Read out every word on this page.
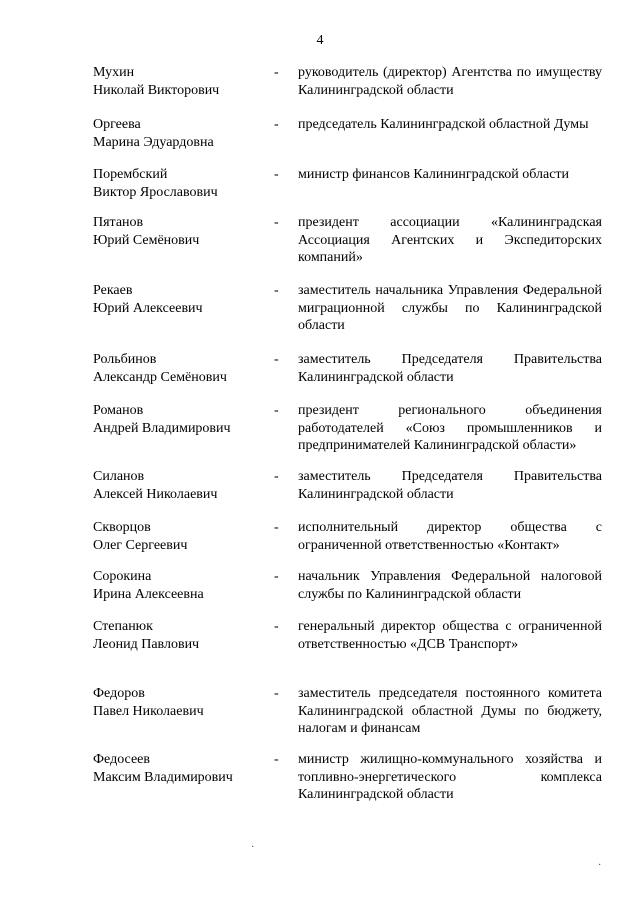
4
Мухин
Николай Викторович
- руководитель (директор) Агентства по имуществу Калининградской области
Оргеева
Марина Эдуардовна
- председатель Калининградской областной Думы
Порембский
Виктор Ярославович
- министр финансов Калининградской области
Пятанов
Юрий Семёнович
- президент ассоциации «Калининградская Ассоциация Агентских и Экспедиторских компаний»
Рекаев
Юрий Алексеевич
- заместитель начальника Управления Федеральной миграционной службы по Калининградской области
Рольбинов
Александр Семёнович
- заместитель Председателя Правительства Калининградской области
Романов
Андрей Владимирович
- президент регионального объединения работодателей «Союз промышленников и предпринимателей Калининградской области»
Силанов
Алексей Николаевич
- заместитель Председателя Правительства Калининградской области
Скворцов
Олег Сергеевич
- исполнительный директор общества с ограниченной ответственностью «Контакт»
Сорокина
Ирина Алексеевна
- начальник Управления Федеральной налоговой службы по Калининградской области
Степанюк
Леонид Павлович
- генеральный директор общества с ограниченной ответственностью «ДСВ Транспорт»
Федоров
Павел Николаевич
- заместитель председателя постоянного комитета Калининградской областной Думы по бюджету, налогам и финансам
Федосеев
Максим Владимирович
- министр жилищно-коммунального хозяйства и топливно-энергетического комплекса Калининградской области
·
·
